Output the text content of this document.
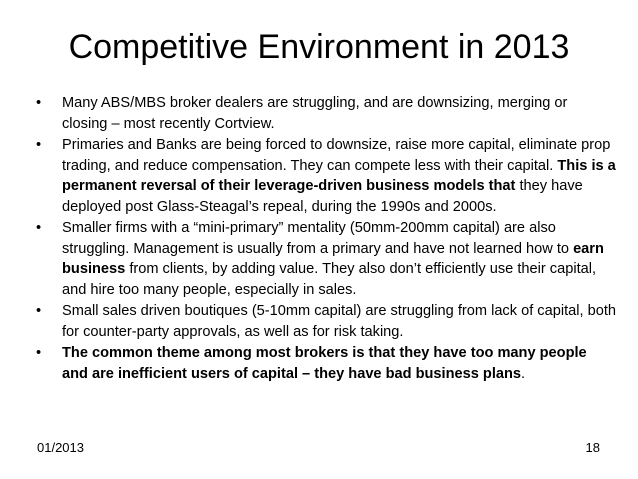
Competitive Environment in 2013
•	Many ABS/MBS broker dealers are struggling, and are downsizing, merging or closing – most recently Cortview.
•	Primaries and Banks are being forced to downsize, raise more capital, eliminate prop trading, and reduce compensation. They can compete less with their capital. This is a permanent reversal of their leverage-driven business models that they have deployed post Glass-Steagal’s repeal, during the 1990s and 2000s.
•	Smaller firms with a “mini-primary” mentality (50mm-200mm capital) are also struggling. Management is usually from a primary and have not learned how to earn business from clients, by adding value. They also don’t efficiently use their capital, and hire too many people, especially in sales.
•	Small sales driven boutiques (5-10mm capital) are struggling from lack of capital, both for counter-party approvals, as well as for risk taking.
•	The common theme among most brokers is that they have too many people and are inefficient users of capital – they have bad business plans.
01/2013	18
